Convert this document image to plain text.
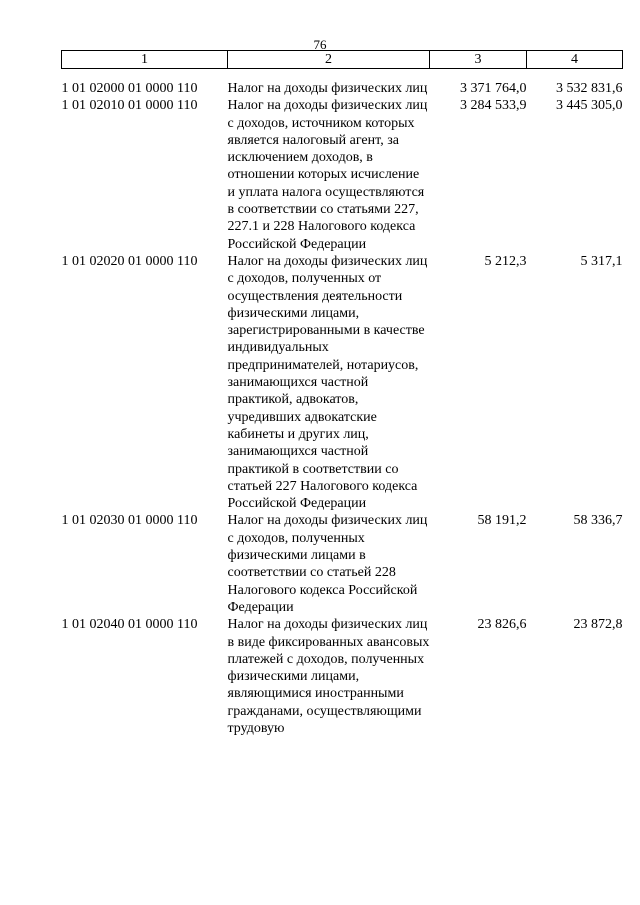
76
1	2	3	4
1 01 02000 01 0000 110	Налог на доходы физических лиц	3 371 764,0	3 532 831,6
1 01 02010 01 0000 110	Налог на доходы физических лиц с доходов, источником которых является налоговый агент, за исключением доходов, в отношении которых исчисление и уплата налога осуществляются в соответствии со статьями 227, 227.1 и 228 Налогового кодекса Российской Федерации	3 284 533,9	3 445 305,0
1 01 02020 01 0000 110	Налог на доходы физических лиц с доходов, полученных от осуществления деятельности физическими лицами, зарегистрированными в качестве индивидуальных предпринимателей, нотариусов, занимающихся частной практикой, адвокатов, учредивших адвокатские кабинеты и других лиц, занимающихся частной практикой в соответствии со статьей 227 Налогового кодекса Российской Федерации	5 212,3	5 317,1
1 01 02030 01 0000 110	Налог на доходы физических лиц с доходов, полученных физическими лицами в соответствии со статьей 228 Налогового кодекса Российской Федерации	58 191,2	58 336,7
1 01 02040 01 0000 110	Налог на доходы физических лиц в виде фиксированных авансовых платежей с доходов, полученных физическими лицами, являющимися иностранными гражданами, осуществляющими трудовую	23 826,6	23 872,8
